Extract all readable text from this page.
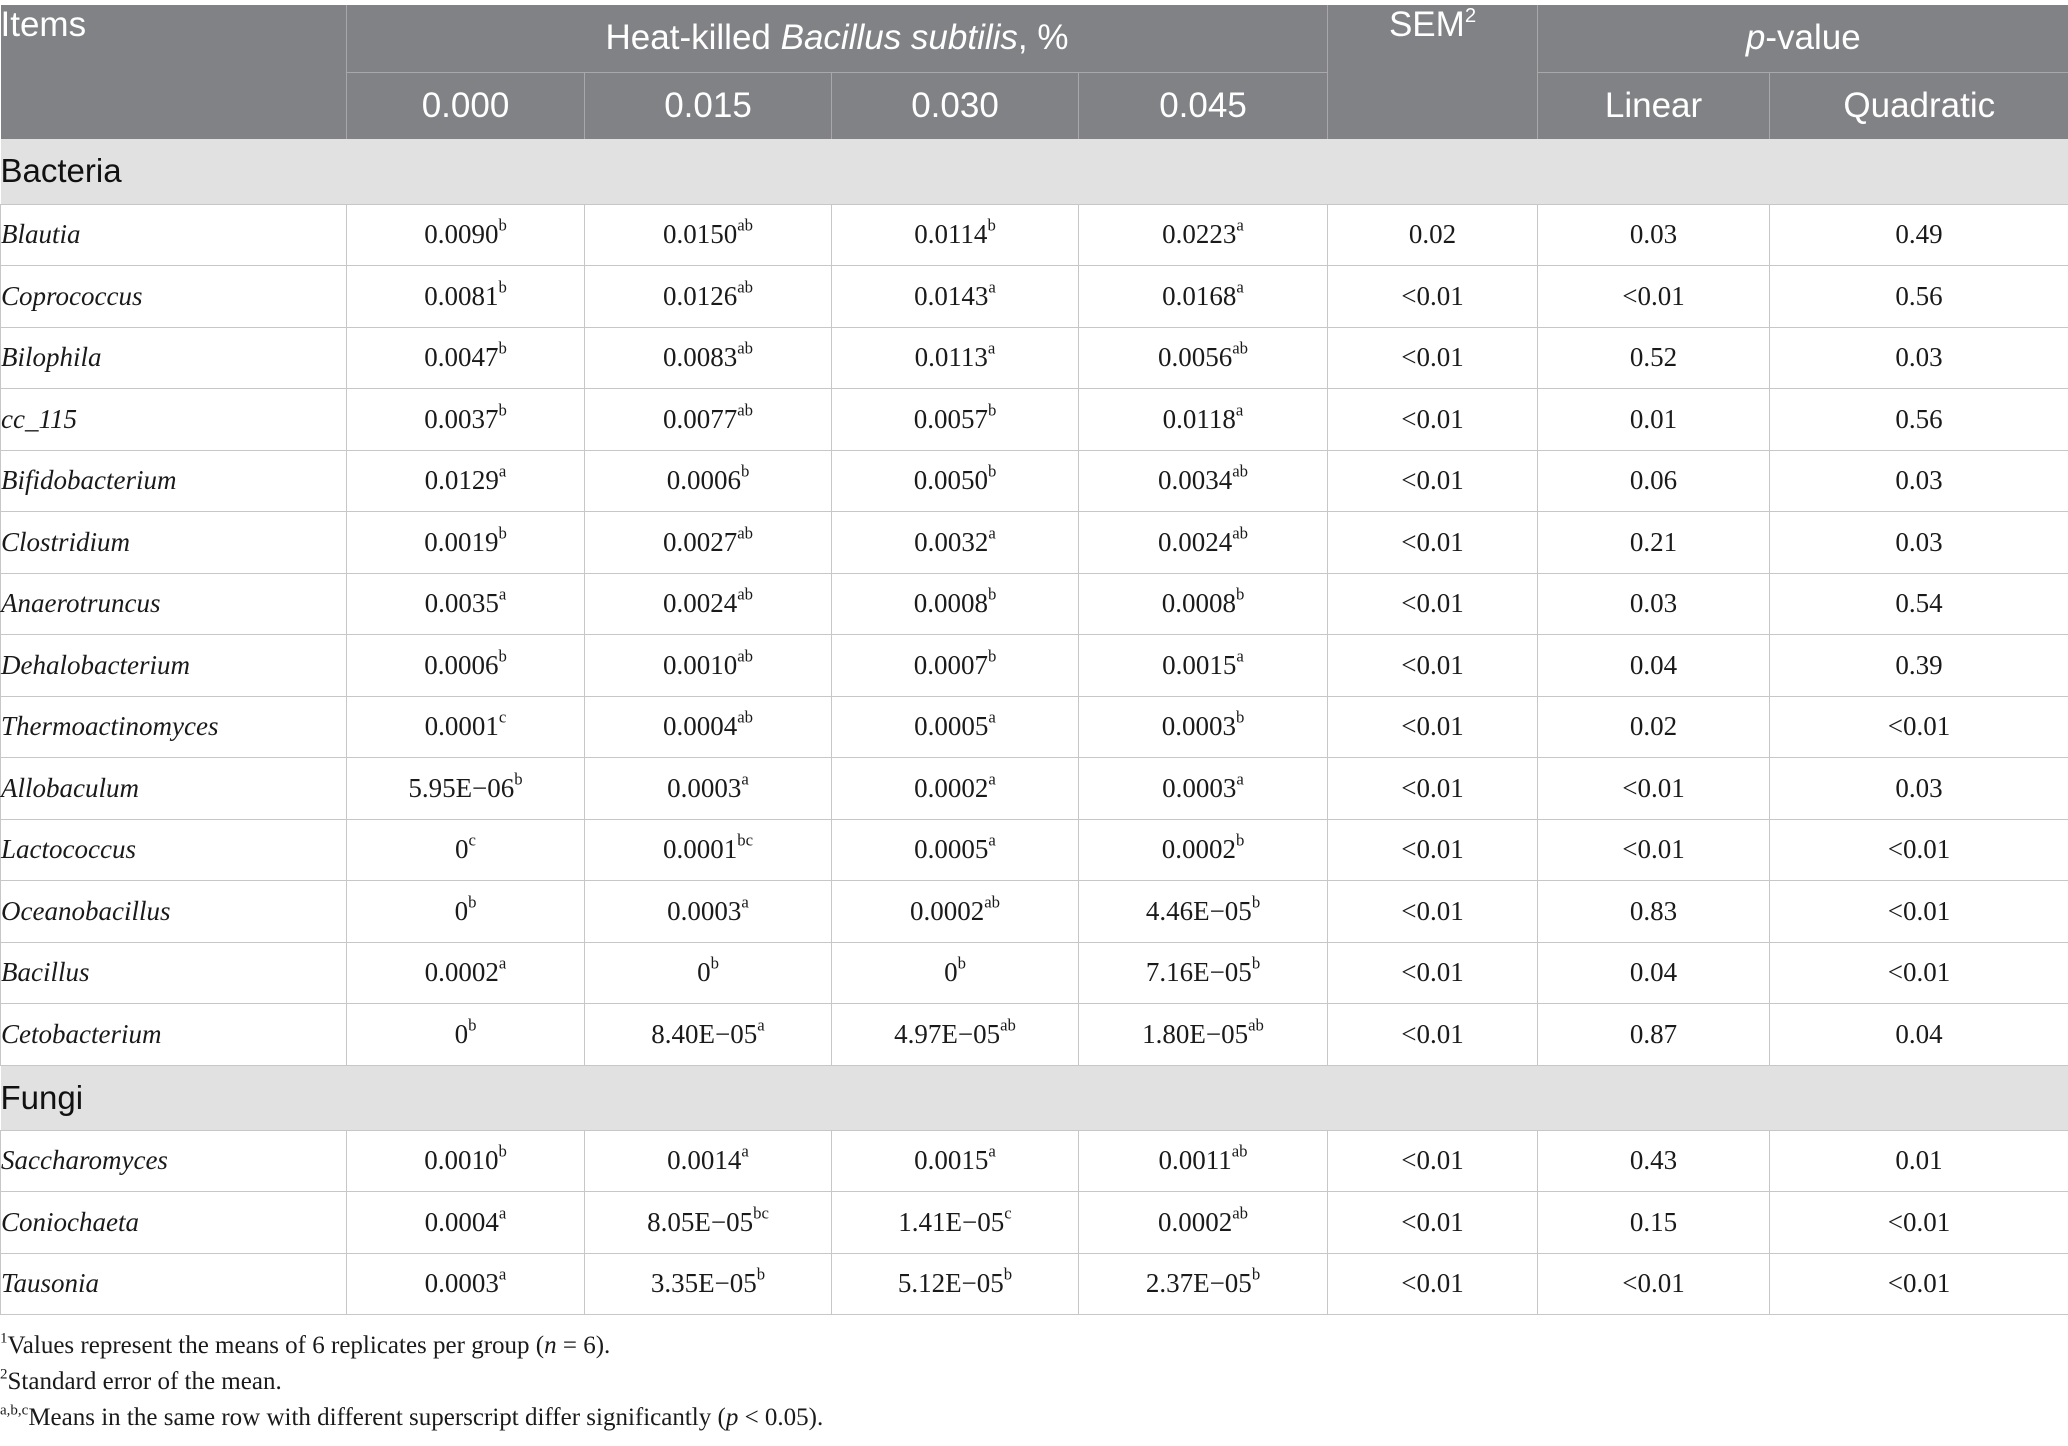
Items	Heat-killed Bacillus subtilis, %				SEM$^2$	p-value	
	0.000	0.015	0.030	0.045		Linear	Quadratic
Bacteria							
Blautia	0.0090$^b$	0.0150$^{ab}$	0.0114$^b$	0.0223$^a$	0.02	0.03	0.49
Coprococcus	0.0081$^b$	0.0126$^{ab}$	0.0143$^a$	0.0168$^a$	<0.01	<0.01	0.56
Bilophila	0.0047$^b$	0.0083$^{ab}$	0.0113$^a$	0.0056$^{ab}$	<0.01	0.52	0.03
cc_115	0.0037$^b$	0.0077$^{ab}$	0.0057$^b$	0.0118$^a$	<0.01	0.01	0.56
Bifidobacterium	0.0129$^a$	0.0006$^b$	0.0050$^b$	0.0034$^{ab}$	<0.01	0.06	0.03
Clostridium	0.0019$^b$	0.0027$^{ab}$	0.0032$^a$	0.0024$^{ab}$	<0.01	0.21	0.03
Anaerotruncus	0.0035$^a$	0.0024$^{ab}$	0.0008$^b$	0.0008$^b$	<0.01	0.03	0.54
Dehalobacterium	0.0006$^b$	0.0010$^{ab}$	0.0007$^b$	0.0015$^a$	<0.01	0.04	0.39
Thermoactinomyces	0.0001$^c$	0.0004$^{ab}$	0.0005$^a$	0.0003$^b$	<0.01	0.02	<0.01
Allobaculum	$5.95E-06^b$	0.0003$^a$	0.0002$^a$	0.0003$^a$	<0.01	<0.01	0.03
Lactococcus	0$^c$	0.0001$^{bc}$	0.0005$^a$	0.0002$^b$	<0.01	<0.01	<0.01
Oceanobacillus	0$^b$	0.0003$^a$	0.0002$^{ab}$	$4.46E-05^b$	<0.01	0.83	<0.01
Bacillus	0.0002$^a$	0$^b$	0$^b$	$7.16E-05^b$	<0.01	0.04	<0.01
Cetobacterium	0$^b$	$8.40E-05^a$	$4.97E-05^{ab}$	$1.80E-05^{ab}$	<0.01	0.87	0.04
Fungi							
Saccharomyces	0.0010$^b$	0.0014$^a$	0.0015$^a$	0.0011$^{ab}$	<0.01	0.43	0.01
Coniochaeta	0.0004$^a$	$8.05E-05^{bc}$	$1.41E-05^c$	0.0002$^{ab}$	<0.01	0.15	<0.01
Tausonia	0.0003$^a$	$3.35E-05^b$	$5.12E-05^b$	$2.37E-05^b$	<0.01	<0.01	<0.01
$^1$Values represent the means of 6 replicates per group (n = 6).
$^2$Standard error of the mean.
$^{a,b,c}$Means in the same row with different superscript differ significantly (p < 0.05).
